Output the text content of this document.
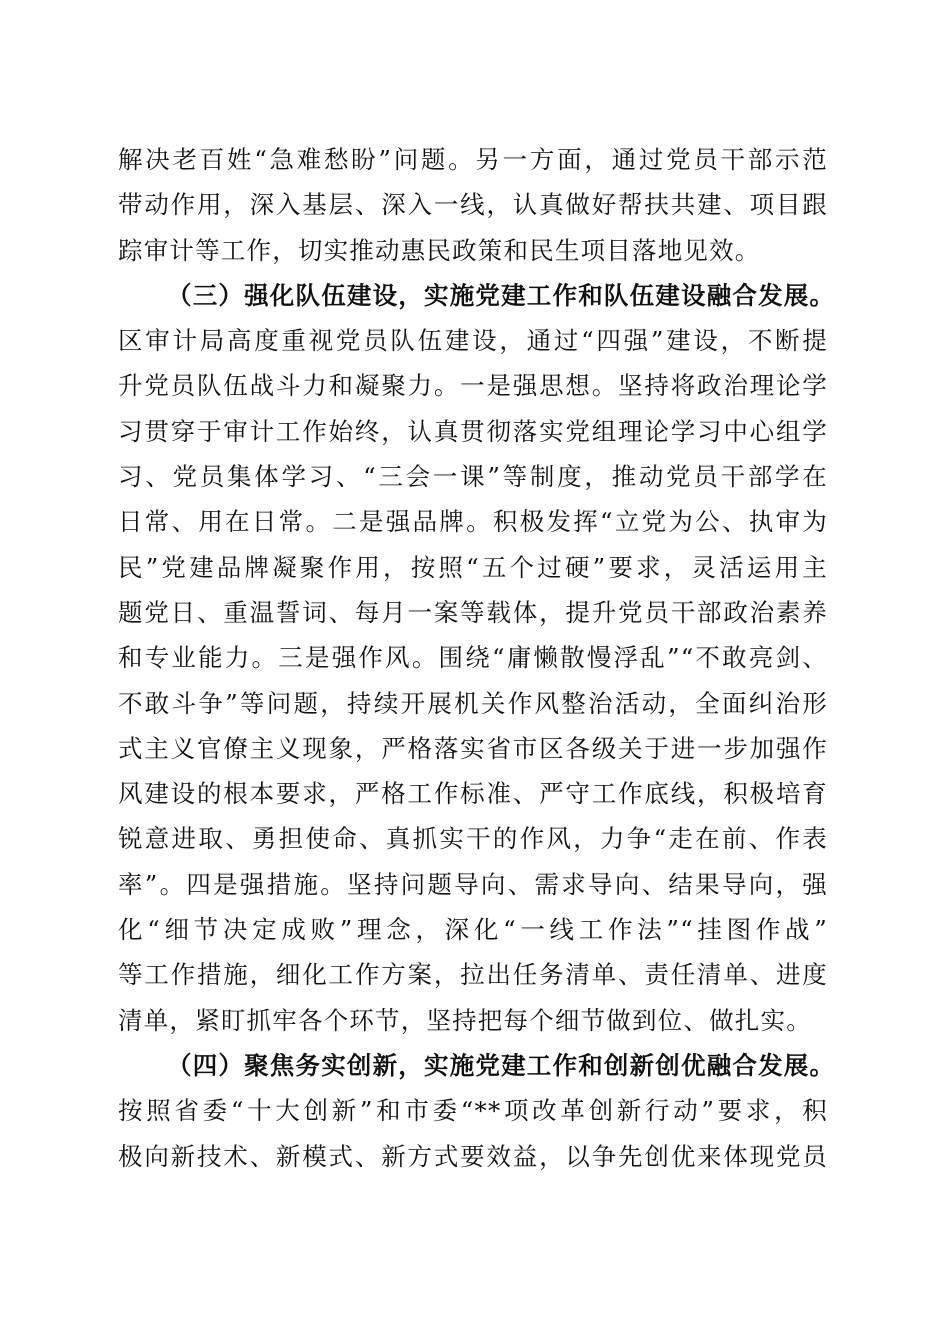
解决老百姓“急难愁盼”问题。另一方面，通过党员干部示范
带动作用，深入基层、深入一线，认真做好帮扶共建、项目跟
踪审计等工作，切实推动惠民政策和民生项目落地见效。
（三）强化队伍建设，实施党建工作和队伍建设融合发展。
区审计局高度重视党员队伍建设，通过“四强”建设，不断提
升党员队伍战斗力和凝聚力。一是强思想。坚持将政治理论学
习贯穿于审计工作始终，认真贯彻落实党组理论学习中心组学
习、党员集体学习、“三会一课”等制度，推动党员干部学在
日常、用在日常。二是强品牌。积极发挥“立党为公、执审为
民”党建品牌凝聚作用，按照“五个过硬”要求，灵活运用主
题党日、重温誓词、每月一案等载体，提升党员干部政治素养
和专业能力。三是强作风。围绕“庸懒散慢浮乱”“不敢亮剑、
不敢斗争”等问题，持续开展机关作风整治活动，全面纠治形
式主义官僚主义现象，严格落实省市区各级关于进一步加强作
风建设的根本要求，严格工作标准、严守工作底线，积极培育
锐意进取、勇担使命、真抓实干的作风，力争“走在前、作表
率”。四是强措施。坚持问题导向、需求导向、结果导向，强
化“细节决定成败”理念，深化“一线工作法”“挂图作战”
等工作措施，细化工作方案，拉出任务清单、责任清单、进度
清单，紧盯抓牢各个环节，坚持把每个细节做到位、做扎实。
（四）聚焦务实创新，实施党建工作和创新创优融合发展。
按照省委“十大创新”和市委“**项改革创新行动”要求，积
极向新技术、新模式、新方式要效益，以争先创优来体现党员
